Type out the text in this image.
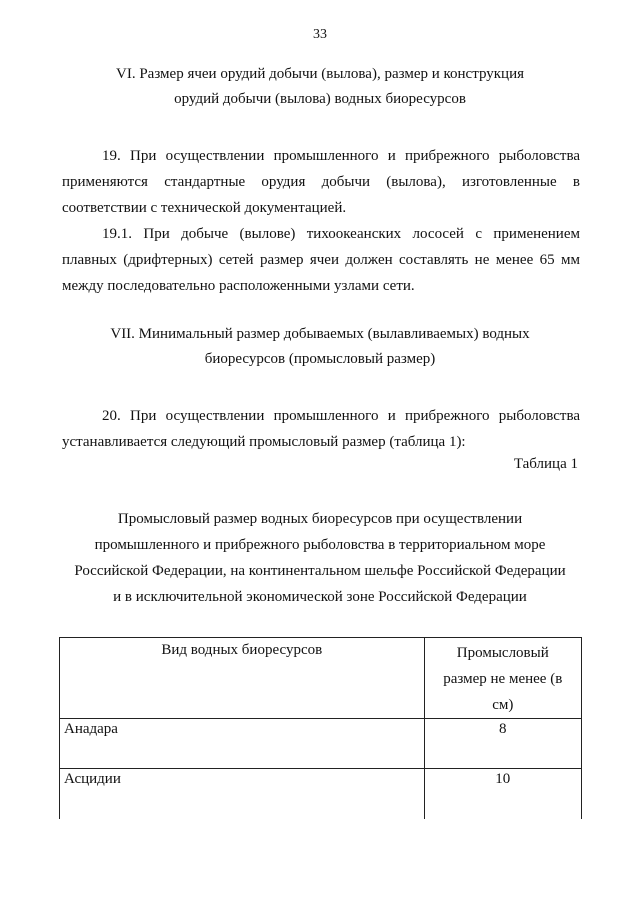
33
VI. Размер ячеи орудий добычи (вылова), размер и конструкция
орудий добычи (вылова) водных биоресурсов
19. При осуществлении промышленного и прибрежного рыболовства
применяются стандартные орудия добычи (вылова), изготовленные в
соответствии с технической документацией.
19.1. При добыче (вылове) тихоокеанских лососей с применением
плавных (дрифтерных) сетей размер ячеи должен составлять не менее 65 мм
между последовательно расположенными узлами сети.
VII. Минимальный размер добываемых (вылавливаемых) водных
биоресурсов (промысловый размер)
20. При осуществлении промышленного и прибрежного рыболовства
устанавливается следующий промысловый размер (таблица 1):
Таблица 1
Промысловый размер водных биоресурсов при осуществлении
промышленного и прибрежного рыболовства в территориальном море
Российской Федерации, на континентальном шельфе Российской Федерации
и в исключительной экономической зоне Российской Федерации
Вид водных биоресурсов	Промысловый
размер не менее (в
см)

Анадара	8
Асцидии	10
